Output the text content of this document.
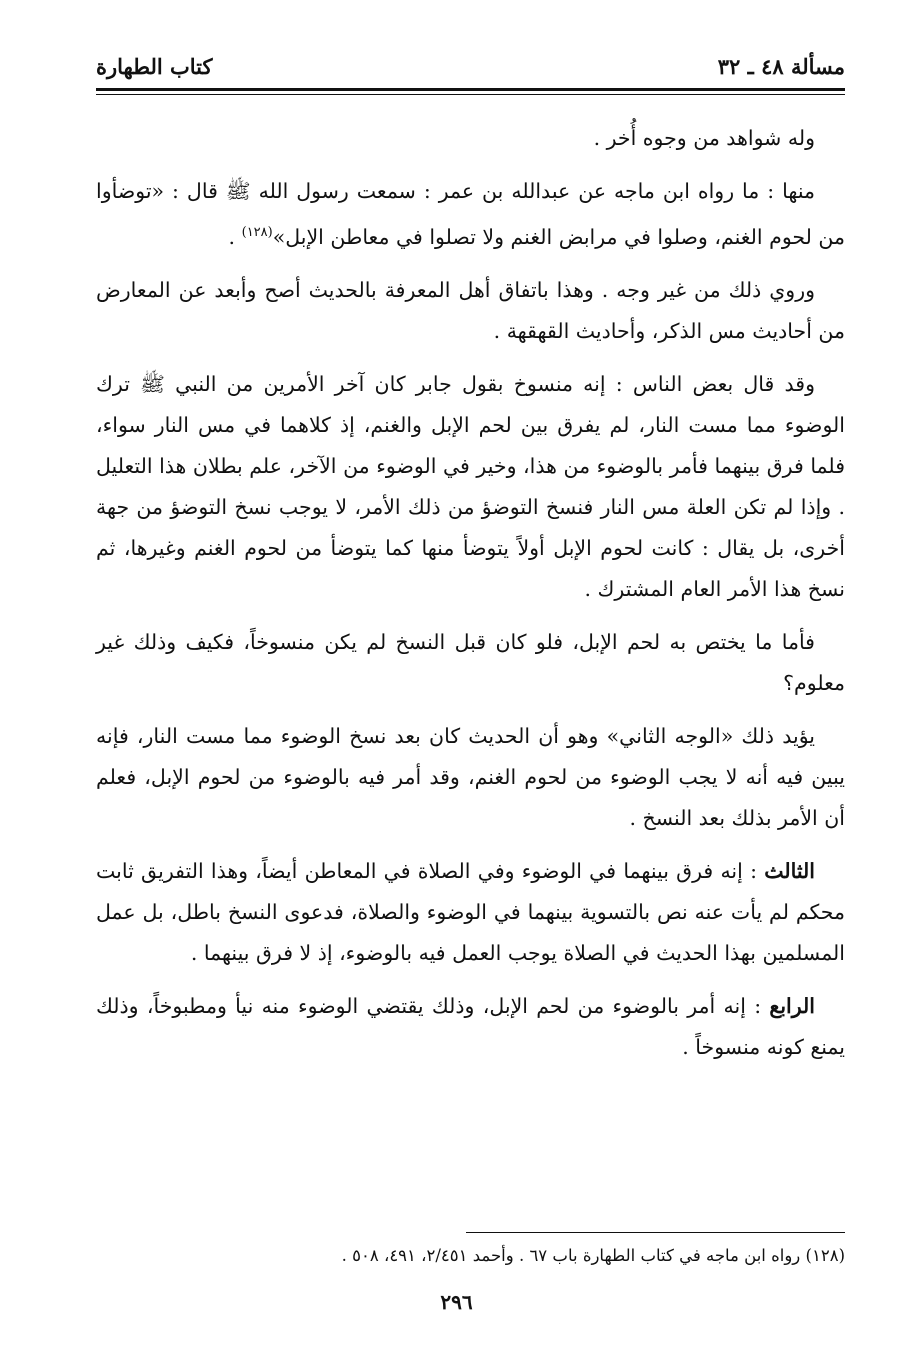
مسألة ٤٨ ـ ٣٢
كتاب الطهارة

وله شواهد من وجوه أُخر .

منها : ما رواه ابن ماجه عن عبدالله بن عمر : سمعت رسول الله ﷺ قال : «توضأوا من لحوم الغنم، وصلوا في مرابض الغنم ولا تصلوا في معاطن الإبل»$^{(١٢٨)}$ .

وروي ذلك من غير وجه . وهذا باتفاق أهل المعرفة بالحديث أصح وأبعد عن المعارض من أحاديث مس الذكر، وأحاديث القهقهة .

وقد قال بعض الناس : إنه منسوخ بقول جابر كان آخر الأمرين من النبي ﷺ ترك الوضوء مما مست النار، لم يفرق بين لحم الإبل والغنم، إذ كلاهما في مس النار سواء، فلما فرق بينهما فأمر بالوضوء من هذا، وخير في الوضوء من الآخر، علم بطلان هذا التعليل . وإذا لم تكن العلة مس النار فنسخ التوضؤ من ذلك الأمر، لا يوجب نسخ التوضؤ من جهة أخرى، بل يقال : كانت لحوم الإبل أولاً يتوضأ منها كما يتوضأ من لحوم الغنم وغيرها، ثم نسخ هذا الأمر العام المشترك .

فأما ما يختص به لحم الإبل، فلو كان قبل النسخ لم يكن منسوخاً، فكيف وذلك غير معلوم؟

يؤيد ذلك «الوجه الثاني» وهو أن الحديث كان بعد نسخ الوضوء مما مست النار، فإنه يبين فيه أنه لا يجب الوضوء من لحوم الغنم، وقد أمر فيه بالوضوء من لحوم الإبل، فعلم أن الأمر بذلك بعد النسخ .

الثالث : إنه فرق بينهما في الوضوء وفي الصلاة في المعاطن أيضاً، وهذا التفريق ثابت محكم لم يأت عنه نص بالتسوية بينهما في الوضوء والصلاة، فدعوى النسخ باطل، بل عمل المسلمين بهذا الحديث في الصلاة يوجب العمل فيه بالوضوء، إذ لا فرق بينهما .

الرابع : إنه أمر بالوضوء من لحم الإبل، وذلك يقتضي الوضوء منه نيأ ومطبوخاً، وذلك يمنع كونه منسوخاً .

(١٢٨) رواه ابن ماجه في كتاب الطهارة باب ٦٧ . وأحمد ٢/٤٥١، ٤٩١، ٥٠٨ .
٢٩٦
